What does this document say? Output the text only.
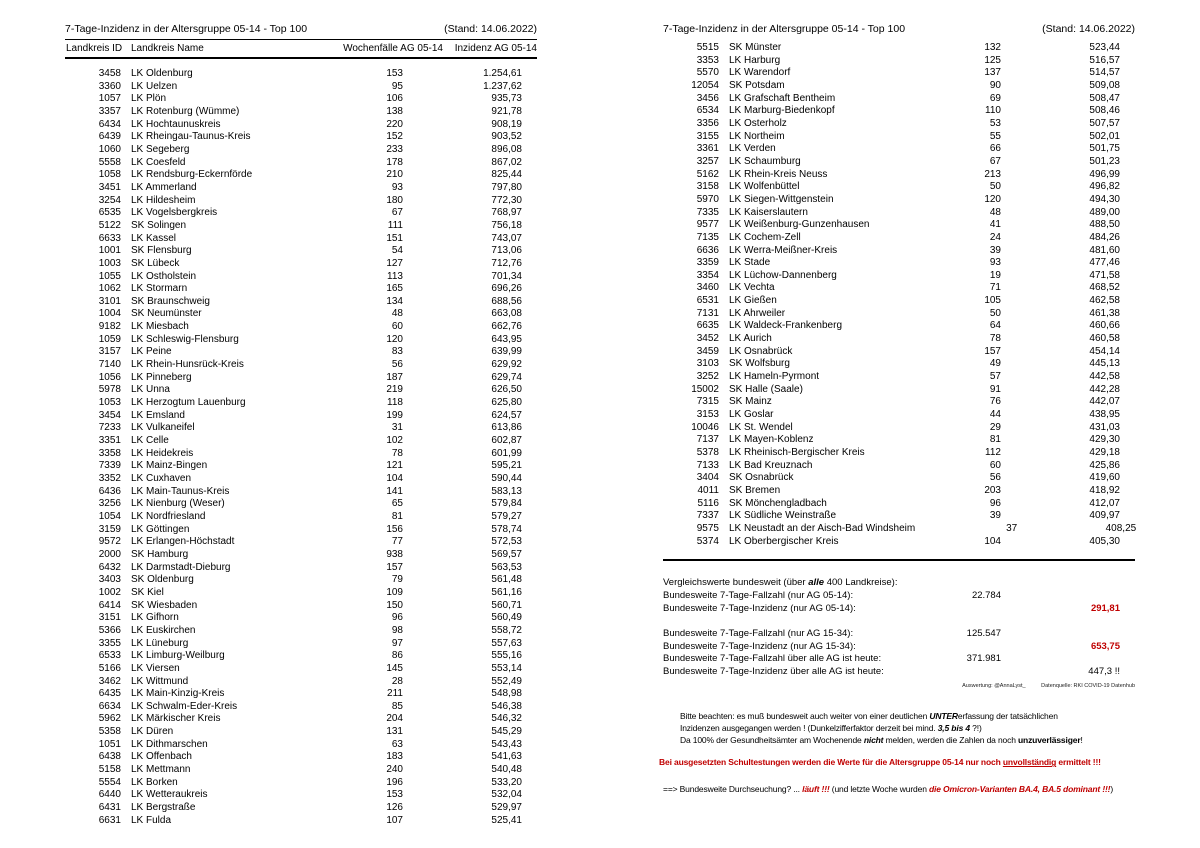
7-Tage-Inzidenz in der Altersgruppe 05-14 - Top 100	(Stand: 14.06.2022)
Landkreis ID Landkreis Name	Wochenfälle AG 05-14	Inzidenz AG 05-14
3458	LK Oldenburg	153	1.254,61
3360	LK Uelzen	95	1.237,62
1057	LK Plön	106	935,73
3357	LK Rotenburg (Wümme)	138	921,78
6434	LK Hochtaunuskreis	220	908,19
6439	LK Rheingau-Taunus-Kreis	152	903,52
1060	LK Segeberg	233	896,08
5558	LK Coesfeld	178	867,02
1058	LK Rendsburg-Eckernförde	210	825,44
3451	LK Ammerland	93	797,80
3254	LK Hildesheim	180	772,30
6535	LK Vogelsbergkreis	67	768,97
5122	SK Solingen	111	756,18
6633	LK Kassel	151	743,07
1001	SK Flensburg	54	713,06
1003	SK Lübeck	127	712,76
1055	LK Ostholstein	113	701,34
1062	LK Stormarn	165	696,26
3101	SK Braunschweig	134	688,56
1004	SK Neumünster	48	663,08
9182	LK Miesbach	60	662,76
1059	LK Schleswig-Flensburg	120	643,95
3157	LK Peine	83	639,99
7140	LK Rhein-Hunsrück-Kreis	56	629,92
1056	LK Pinneberg	187	629,74
5978	LK Unna	219	626,50
1053	LK Herzogtum Lauenburg	118	625,80
3454	LK Emsland	199	624,57
7233	LK Vulkaneifel	31	613,86
3351	LK Celle	102	602,87
3358	LK Heidekreis	78	601,99
7339	LK Mainz-Bingen	121	595,21
3352	LK Cuxhaven	104	590,44
6436	LK Main-Taunus-Kreis	141	583,13
3256	LK Nienburg (Weser)	65	579,84
1054	LK Nordfriesland	81	579,27
3159	LK Göttingen	156	578,74
9572	LK Erlangen-Höchstadt	77	572,53
2000	SK Hamburg	938	569,57
6432	LK Darmstadt-Dieburg	157	563,53
3403	SK Oldenburg	79	561,48
1002	SK Kiel	109	561,16
6414	SK Wiesbaden	150	560,71
3151	LK Gifhorn	96	560,49
5366	LK Euskirchen	98	558,72
3355	LK Lüneburg	97	557,63
6533	LK Limburg-Weilburg	86	555,16
5166	LK Viersen	145	553,14
3462	LK Wittmund	28	552,49
6435	LK Main-Kinzig-Kreis	211	548,98
6634	LK Schwalm-Eder-Kreis	85	546,38
5962	LK Märkischer Kreis	204	546,32
5358	LK Düren	131	545,29
1051	LK Dithmarschen	63	543,43
6438	LK Offenbach	183	541,63
5158	LK Mettmann	240	540,48
5554	LK Borken	196	533,20
6440	LK Wetteraukreis	153	532,04
6431	LK Bergstraße	126	529,97
6631	LK Fulda	107	525,41
7-Tage-Inzidenz in der Altersgruppe 05-14 - Top 100	(Stand: 14.06.2022)
5515	SK Münster	132	523,44
3353	LK Harburg	125	516,57
5570	LK Warendorf	137	514,57
12054	SK Potsdam	90	509,08
3456	LK Grafschaft Bentheim	69	508,47
6534	LK Marburg-Biedenkopf	110	508,46
3356	LK Osterholz	53	507,57
3155	LK Northeim	55	502,01
3361	LK Verden	66	501,75
3257	LK Schaumburg	67	501,23
5162	LK Rhein-Kreis Neuss	213	496,99
3158	LK Wolfenbüttel	50	496,82
5970	LK Siegen-Wittgenstein	120	494,30
7335	LK Kaiserslautern	48	489,00
9577	LK Weißenburg-Gunzenhausen	41	488,50
7135	LK Cochem-Zell	24	484,26
6636	LK Werra-Meißner-Kreis	39	481,60
3359	LK Stade	93	477,46
3354	LK Lüchow-Dannenberg	19	471,58
3460	LK Vechta	71	468,52
6531	LK Gießen	105	462,58
7131	LK Ahrweiler	50	461,38
6635	LK Waldeck-Frankenberg	64	460,66
3452	LK Aurich	78	460,58
3459	LK Osnabrück	157	454,14
3103	SK Wolfsburg	49	445,13
3252	LK Hameln-Pyrmont	57	442,58
15002	SK Halle (Saale)	91	442,28
7315	SK Mainz	76	442,07
3153	LK Goslar	44	438,95
10046	LK St. Wendel	29	431,03
7137	LK Mayen-Koblenz	81	429,30
5378	LK Rheinisch-Bergischer Kreis	112	429,18
7133	LK Bad Kreuznach	60	425,86
3404	SK Osnabrück	56	419,60
4011	SK Bremen	203	418,92
5116	SK Mönchengladbach	96	412,07
7337	LK Südliche Weinstraße	39	409,97
9575	LK Neustadt an der Aisch-Bad Windsheim	37	408,25
5374	LK Oberbergischer Kreis	104	405,30
Vergleichswerte bundesweit (über alle 400 Landkreise):
Bundesweite 7-Tage-Fallzahl (nur AG 05-14):	22.784
Bundesweite 7-Tage-Inzidenz (nur AG 05-14):	291,81
Bundesweite 7-Tage-Fallzahl (nur AG 15-34):	125.547
Bundesweite 7-Tage-Inzidenz (nur AG 15-34):	653,75
Bundesweite 7-Tage-Fallzahl über alle AG ist heute:	371.981
Bundesweite 7-Tage-Inzidenz über alle AG ist heute:	447,3 !!
Auswertung: @AnnaLyst_	Datenquelle: RKI COVID-19 Datenhub
Bitte beachten: es muß bundesweit auch weiter von einer deutlichen UNTERerfassung der tatsächlichen
Inzidenzen ausgegangen werden ! (Dunkelzifferfaktor derzeit bei mind. 3,5 bis 4 ?!)
Da 100% der Gesundheitsämter am Wochenende nicht melden, werden die Zahlen da noch unzuverlässiger!
Bei ausgesetzten Schultestungen werden die Werte für die Altersgruppe 05-14 nur noch unvollständig ermittelt !!!
==> Bundesweite Durchseuchung? ... läuft !!! (und letzte Woche wurden die Omicron-Varianten BA.4, BA.5 dominant !!!)
